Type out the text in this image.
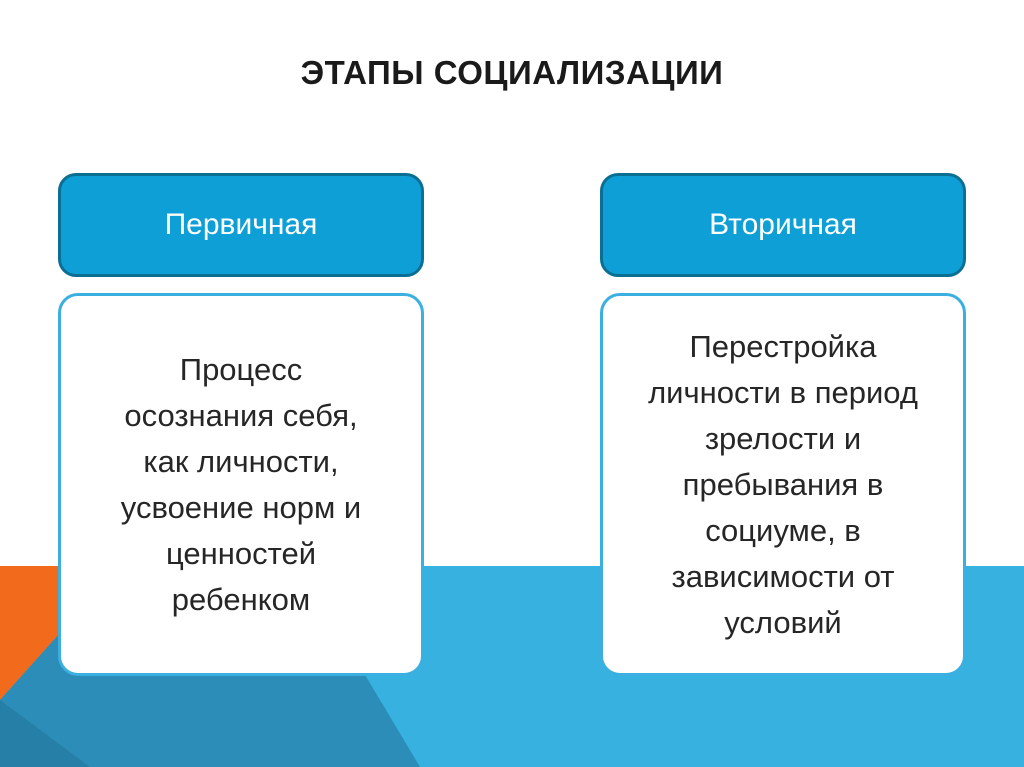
ЭТАПЫ СОЦИАЛИЗАЦИИ
Первичная
Процесс
осознания себя,
как личности,
усвоение норм и
ценностей
ребенком
Вторичная
Перестройка
личности в период
зрелости и
пребывания в
социуме, в
зависимости от
условий
